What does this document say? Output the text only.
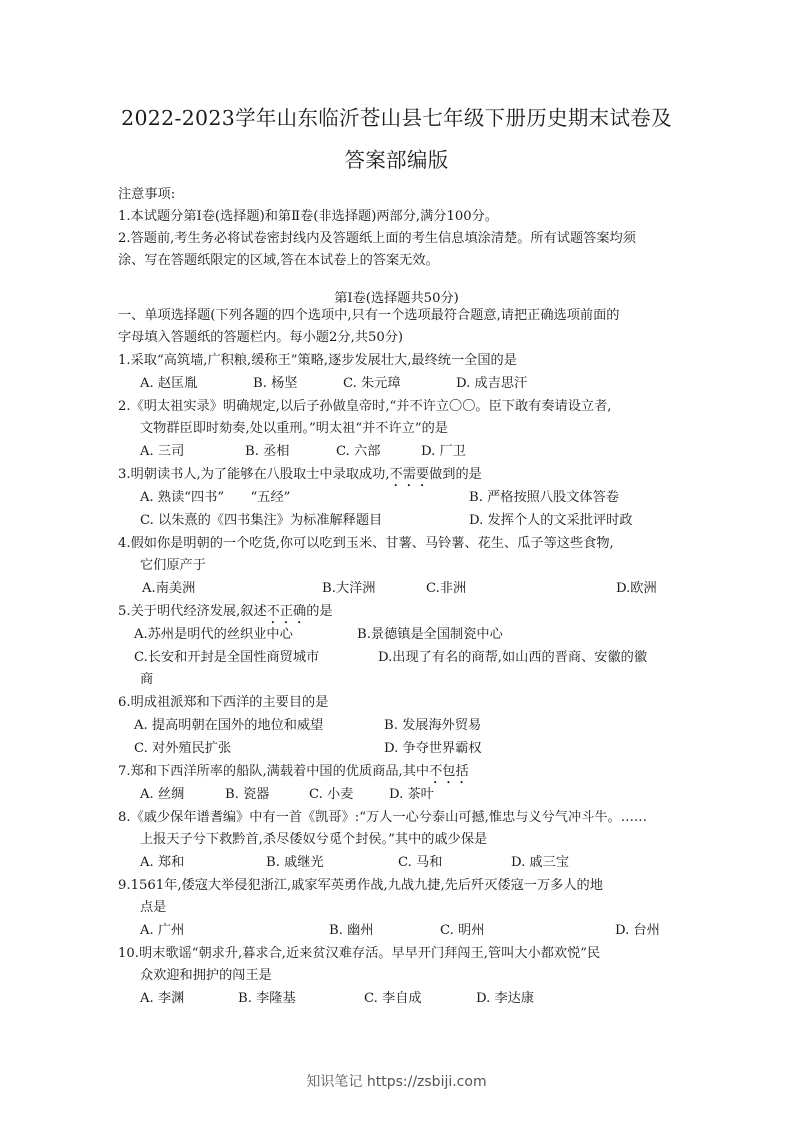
2022-2023学年山东临沂苍山县七年级下册历史期末试卷及
答案部编版
注意事项:
1.本试题分第Ⅰ卷(选择题)和第Ⅱ卷(非选择题)两部分,满分100分。
2.答题前,考生务必将试卷密封线内及答题纸上面的考生信息填涂清楚。所有试题答案均须
涂、写在答题纸限定的区域,答在本试卷上的答案无效。
第Ⅰ卷(选择题共50分)
一、单项选择题(下列各题的四个选项中,只有一个选项最符合题意,请把正确选项前面的
字母填入答题纸的答题栏内。每小题2分,共50分)
1.采取“高筑墙,广积粮,缓称王”策略,逐步发展壮大,最终统一全国的是
A. 赵匡胤	B. 杨坚	C. 朱元璋	D. 成吉思汗
2.《明太祖实录》明确规定,以后子孙做皇帝时,“并不许立〇〇。臣下敢有奏请设立者,
文物群臣即时劾奏,处以重刑。”明太祖“并不许立”的是
A. 三司	B. 丞相	C. 六部	D. 厂卫
3.明朝读书人,为了能够在八股取士中录取成功,不需要做到的是
A. 熟读“四书”　　“五经”	B. 严格按照八股文体答卷
C. 以朱熹的《四书集注》为标准解释题目	D. 发挥个人的文采批评时政
4.假如你是明朝的一个吃货,你可以吃到玉米、甘薯、马铃薯、花生、瓜子等这些食物,
它们原产于
A.南美洲	B.大洋洲	C.非洲	D.欧洲
5.关于明代经济发展,叙述不正确的是
A.苏州是明代的丝织业中心	B.景德镇是全国制瓷中心
C.长安和开封是全国性商贸城市	D.出现了有名的商帮,如山西的晋商、安徽的徽
商
6.明成祖派郑和下西洋的主要目的是
A. 提高明朝在国外的地位和威望	B. 发展海外贸易
C. 对外殖民扩张	D. 争夺世界霸权
7.郑和下西洋所率的船队,满载着中国的优质商品,其中不包括
A. 丝绸	B. 瓷器	C. 小麦	D. 茶叶
8.《戚少保年谱耆编》中有一首《凯哥》:“万人一心兮泰山可撼,惟忠与义兮气冲斗牛。……
上报天子兮下救黔首,杀尽倭奴兮觅个封侯。”其中的戚少保是
A. 郑和	B. 戚继光	C. 马和	D. 戚三宝
9.1561年,倭寇大举侵犯浙江,戚家军英勇作战,九战九捷,先后歼灭倭寇一万多人的地
点是
A. 广州	B. 幽州	C. 明州	D. 台州
10.明末歌谣“朝求升,暮求合,近来贫汉难存活。早早开门拜闯王,管叫大小都欢悦”民
众欢迎和拥护的闯王是
A. 李渊	B. 李隆基	C. 李自成	D. 李达康
知识笔记 https://zsbiji.com
